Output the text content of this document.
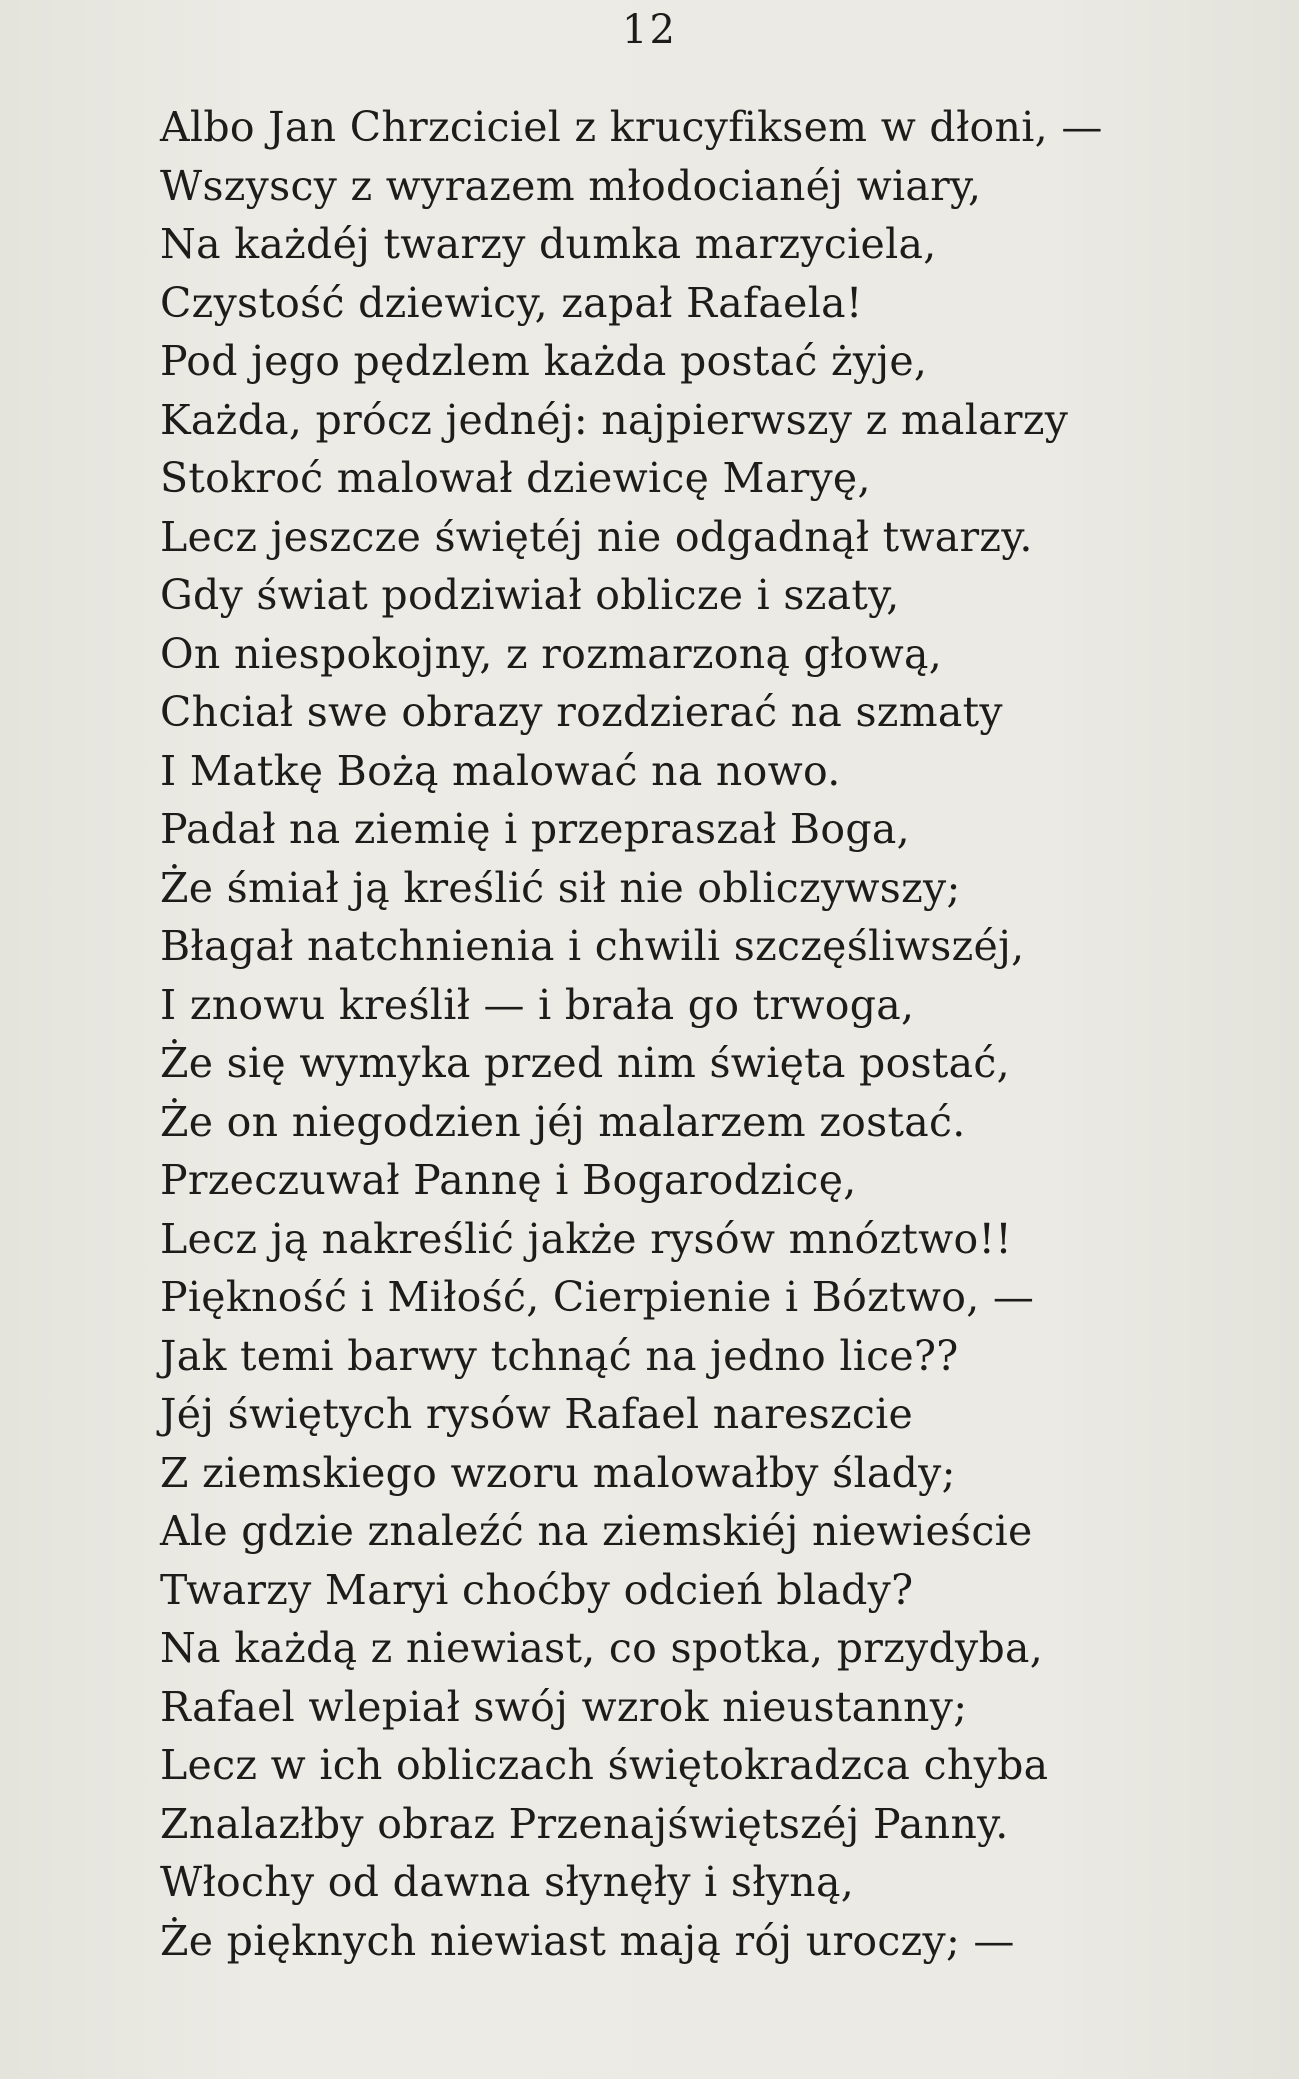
12
Albo Jan Chrzciciel z krucyfiksem w dłoni, —
Wszyscy z wyrazem młodocianéj wiary,
Na każdéj twarzy dumka marzyciela,
Czystość dziewicy, zapał Rafaela!
Pod jego pędzlem każda postać żyje,
Każda, prócz jednéj: najpierwszy z malarzy
Stokroć malował dziewicę Maryę,
Lecz jeszcze świętéj nie odgadnął twarzy.
Gdy świat podziwiał oblicze i szaty,
On niespokojny, z rozmarzoną głową,
Chciał swe obrazy rozdzierać na szmaty
I Matkę Bożą malować na nowo.
Padał na ziemię i przepraszał Boga,
Że śmiał ją kreślić sił nie obliczywszy;
Błagał natchnienia i chwili szczęśliwszéj,
I znowu kreślił — i brała go trwoga,
Że się wymyka przed nim święta postać,
Że on niegodzien jéj malarzem zostać.
Przeczuwał Pannę i Bogarodzicę,
Lecz ją nakreślić jakże rysów mnóztwo!!
Piękność i Miłość, Cierpienie i Bóztwo, —
Jak temi barwy tchnąć na jedno lice??
Jéj świętych rysów Rafael nareszcie
Z ziemskiego wzoru malowałby ślady;
Ale gdzie znaleźć na ziemskiéj niewieście
Twarzy Maryi choćby odcień blady?
Na każdą z niewiast, co spotka, przydyba,
Rafael wlepiał swój wzrok nieustanny;
Lecz w ich obliczach świętokradzca chyba
Znalazłby obraz Przenajświętszéj Panny.
Włochy od dawna słynęły i słyną,
Że pięknych niewiast mają rój uroczy; —
